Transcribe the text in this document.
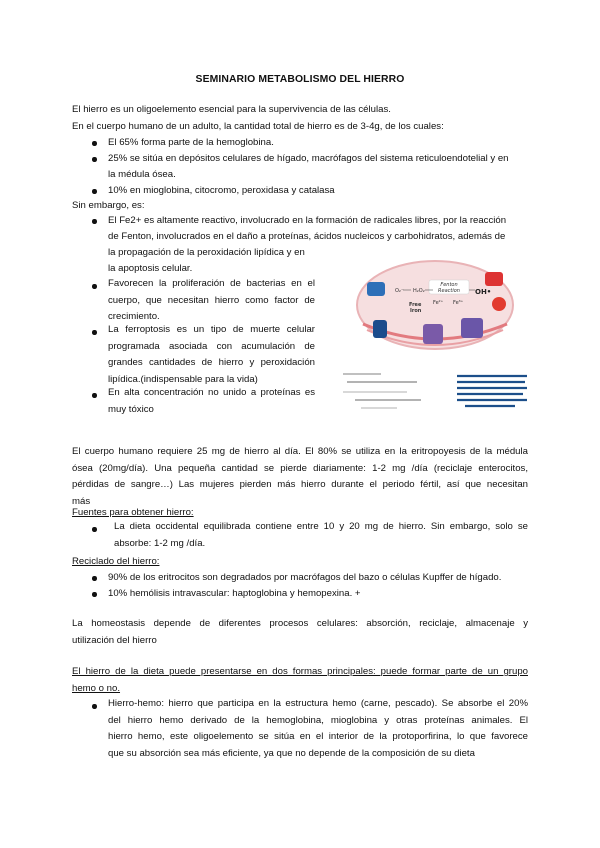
SEMINARIO METABOLISMO DEL HIERRO
El hierro es un oligoelemento esencial para la supervivencia de las células.
En el cuerpo humano de un adulto, la cantidad total de hierro es de 3-4g, de los cuales:
El 65% forma parte de la hemoglobina.
25% se sitúa en depósitos celulares de hígado, macrófagos del sistema reticuloendotelial y en
la médula ósea.
10% en mioglobina, citocromo, peroxidasa y catalasa
Sin embargo, es:
El Fe2+ es altamente reactivo, involucrado en la formación de radicales libres, por la reacción
de Fenton, involucrados en el daño a proteínas, ácidos nucleicos y carbohidratos, además de
la propagación de la peroxidación lipídica y en
la apoptosis celular.
Favorecen la proliferación de bacterias en el
cuerpo, que necesitan hierro como factor de
crecimiento.
La ferroptosis es un tipo de muerte celular
programada asociada con acumulación de
grandes cantidades de hierro y peroxidación
lipídica.(indispensable para la vida)
En alta concentración no unido a proteínas es
muy tóxico
Fenton
Reaction
O₂⁻ H₂O₂	OH•
Fe²⁺ Fe³⁺
Free
Iron
El cuerpo humano requiere 25 mg de hierro al día. El 80% se utiliza en la eritropoyesis de la médula
ósea (20mg/día). Una pequeña cantidad se pierde diariamente: 1-2 mg /día (reciclaje enterocitos,
pérdidas de sangre…) Las mujeres pierden más hierro durante el periodo fértil, así que necesitan
más
Fuentes para obtener hierro:
La dieta occidental equilibrada contiene entre 10 y 20 mg de hierro. Sin embargo, solo se
absorbe: 1-2 mg /día.
Reciclado del hierro:
90% de los eritrocitos son degradados por macrófagos del bazo o células Kupffer de hígado.
10% hemólisis intravascular: haptoglobina y hemopexina. +
La homeostasis depende de diferentes procesos celulares: absorción, reciclaje, almacenaje y
utilización del hierro
El hierro de la dieta puede presentarse en dos formas principales: puede formar parte de un grupo
hemo o no.
Hierro-hemo: hierro que participa en la estructura hemo (carne, pescado). Se absorbe el 20%
del hierro hemo derivado de la hemoglobina, mioglobina y otras proteínas animales. El
hierro hemo, este oligoelemento se sitúa en el interior de la protoporfirina, lo que favorece
que su absorción sea más eficiente, ya que no depende de la composición de su dieta
